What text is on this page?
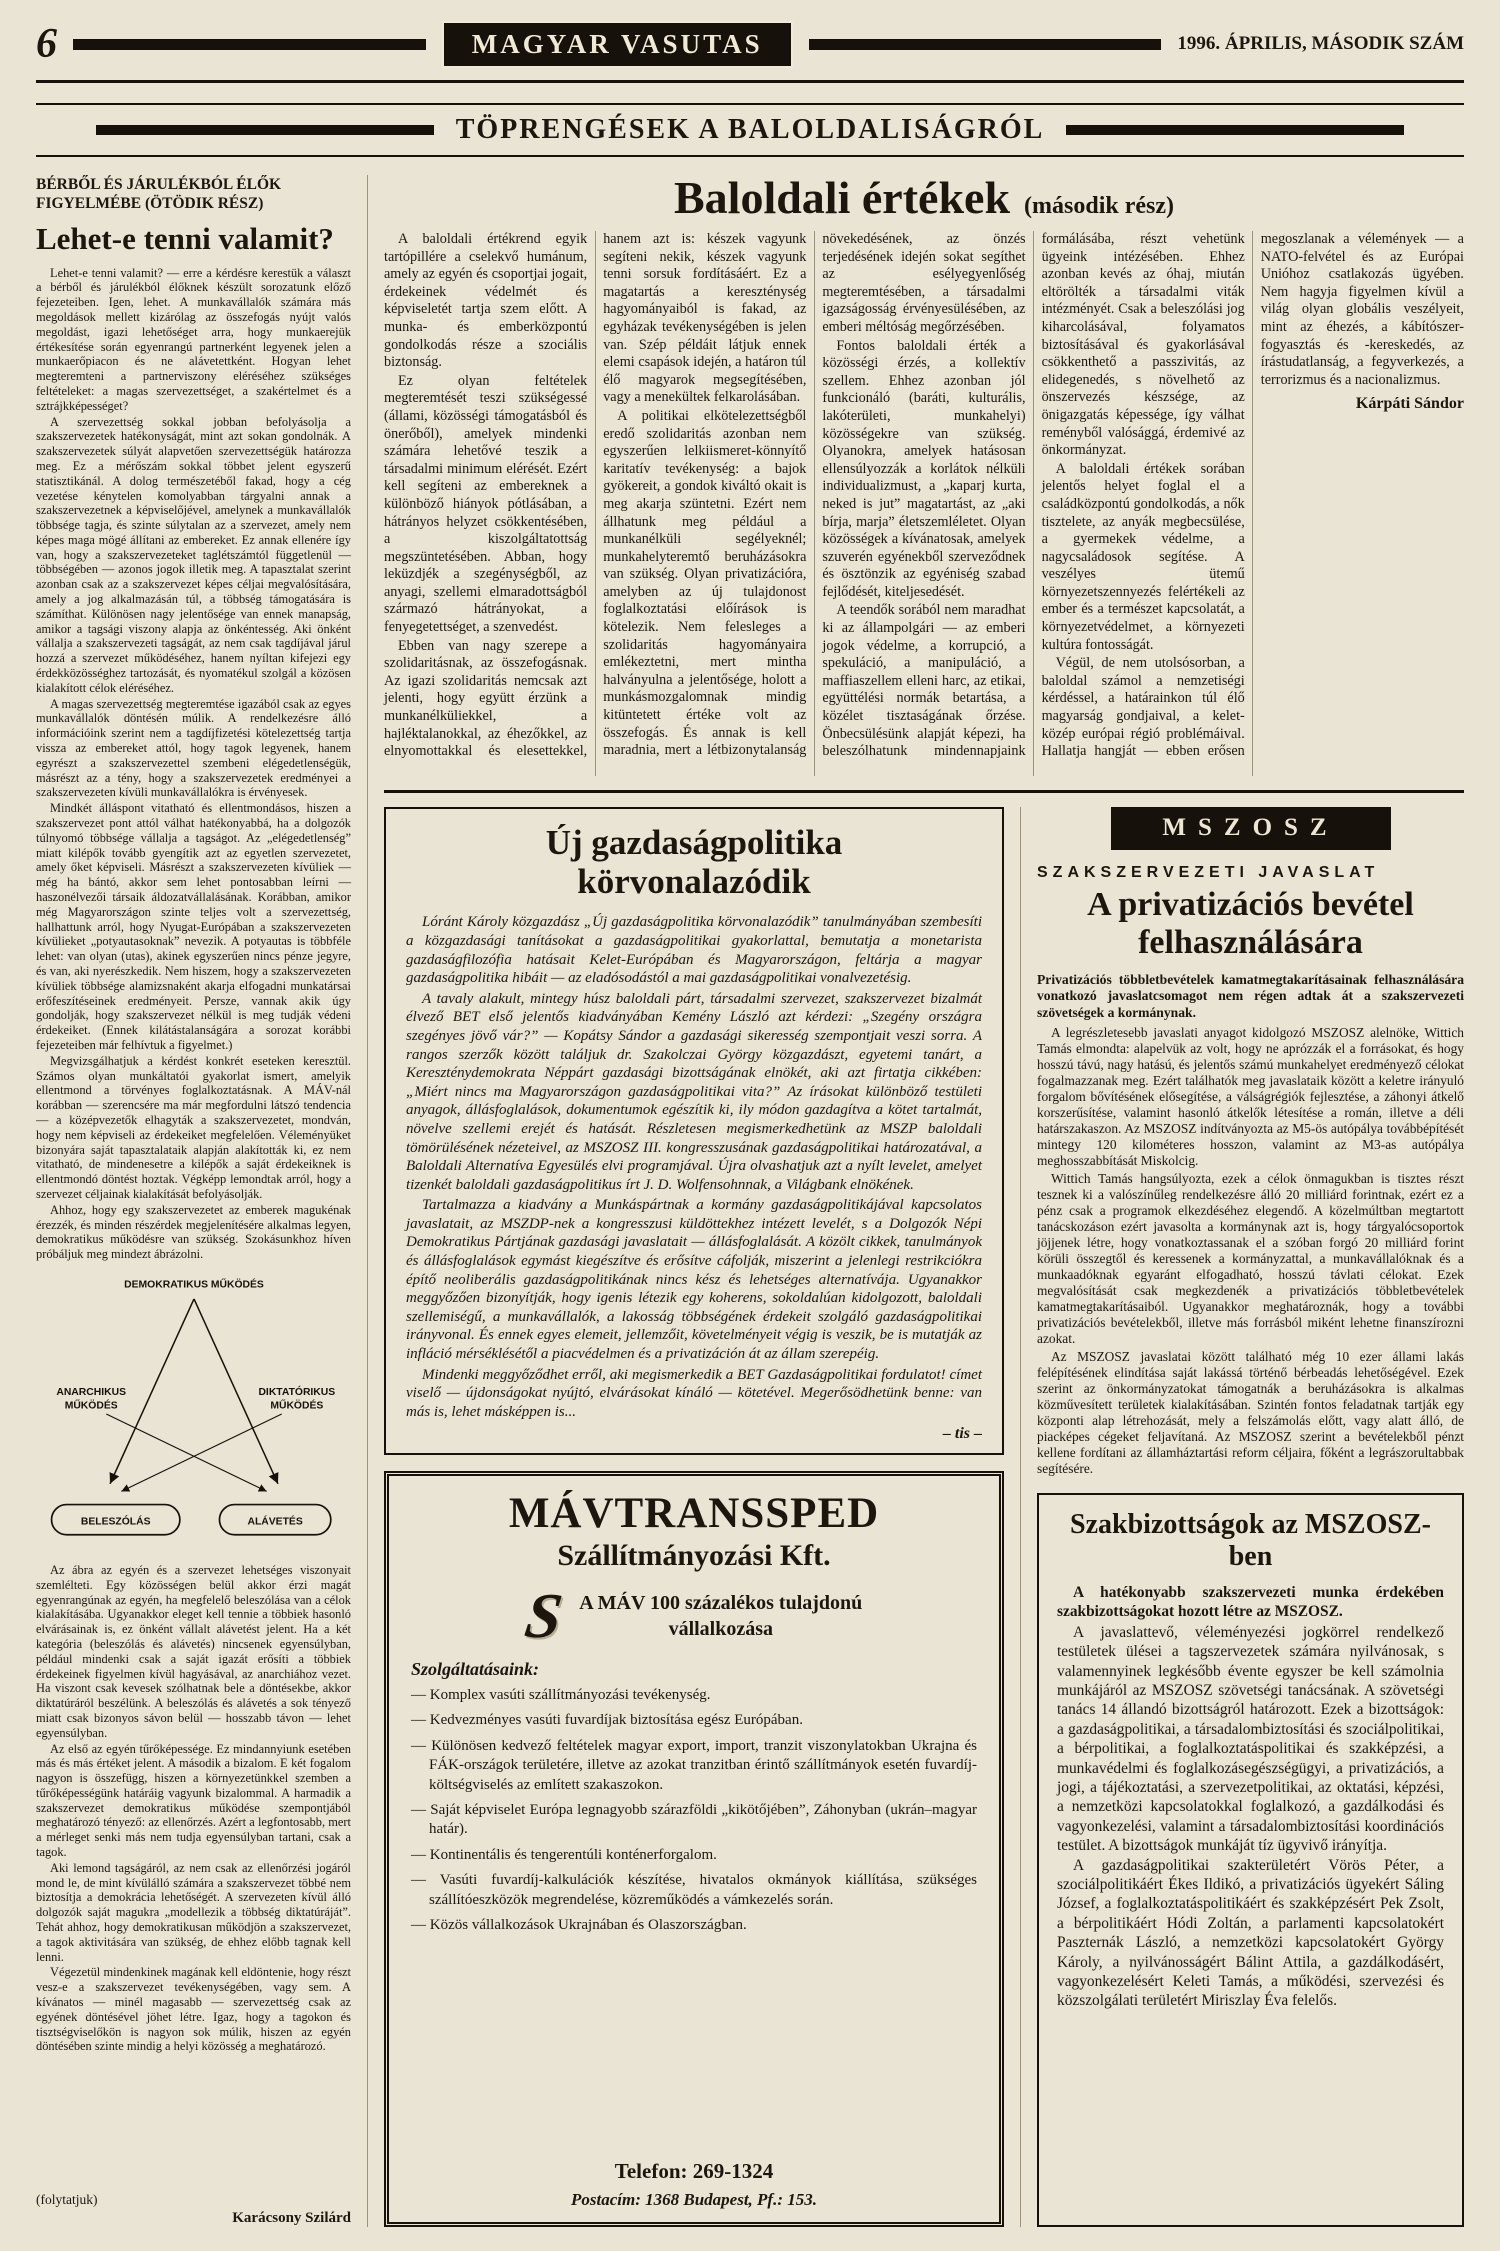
6	MAGYAR VASUTAS	1996. ÁPRILIS, MÁSODIK SZÁM
TÖPRENGÉSEK A BALOLDALISÁGRÓL
BÉRBŐL ÉS JÁRULÉKBÓL ÉLŐK
FIGYELMÉBE (ÖTÖDIK RÉSZ)
Lehet-e tenni valamit?

Lehet-e tenni valamit? — erre a kérdésre kerestük a választ a bérből és járulékból élőknek készült sorozatunk előző fejezeteiben. Igen, lehet. A munkavállalók számára más megoldások mellett kizárólag az összefogás nyújt valós megoldást, igazi lehetőséget arra, hogy munkaerejük értékesítése során egyenrangú partnerként legyenek jelen a munkaerőpiacon és ne alávetettként. Hogyan lehet megteremteni a partnerviszony eléréséhez szükséges feltételeket: a magas szervezettséget, a szakértelmet és a sztrájkképességet?

A szervezettség sokkal jobban befolyásolja a szakszervezetek hatékonyságát, mint azt sokan gondolnák. A szakszervezetek súlyát alapvetően szervezettségük határozza meg. Ez a mérőszám sokkal többet jelent egyszerű statisztikánál. A dolog természetéből fakad, hogy a cég vezetése kénytelen komolyabban tárgyalni annak a szakszervezetnek a képviselőjével, amelynek a munkavállalók többsége tagja, és szinte súlytalan az a szervezet, amely nem képes maga mögé állítani az embereket. Ez annak ellenére így van, hogy a szakszervezeteket taglétszámtól függetlenül — többségében — azonos jogok illetik meg. A tapasztalat szerint azonban csak az a szakszervezet képes céljai megvalósítására, amely a jog alkalmazásán túl, a többség támogatására is számíthat. Különösen nagy jelentősége van ennek manapság, amikor a tagsági viszony alapja az önkéntesség. Aki önként vállalja a szakszervezeti tagságát, az nem csak tagdíjával járul hozzá a szervezet működéséhez, hanem nyíltan kifejezi egy érdekközösséghez tartozását, és nyomatékul szolgál a közösen kialakított célok eléréséhez.

A magas szervezettség megteremtése igazából csak az egyes munkavállalók döntésén múlik. A rendelkezésre álló információink szerint nem a tagdíjfizetési kötelezettség tartja vissza az embereket attól, hogy tagok legyenek, hanem egyrészt a szakszervezettel szembeni elégedetlenségük, másrészt az a tény, hogy a szakszervezetek eredményei a szakszervezeten kívüli munkavállalókra is érvényesek.

Mindkét álláspont vitatható és ellentmondásos, hiszen a szakszervezet pont attól válhat hatékonyabbá, ha a dolgozók túlnyomó többsége vállalja a tagságot. Az „elégedetlenség” miatt kilépők tovább gyengítik azt az egyetlen szervezetet, amely őket képviseli. Másrészt a szakszervezeten kívüliek — még ha bántó, akkor sem lehet pontosabban leírni — haszonélvezői társaik áldozatvállalásának. Korábban, amikor még Magyarországon szinte teljes volt a szervezettség, hallhattunk arról, hogy Nyugat-Európában a szakszervezeten kívülieket „potyautasoknak” nevezik. A potyautas is többféle lehet: van olyan (utas), akinek egyszerűen nincs pénze jegyre, és van, aki nyerészkedik. Nem hiszem, hogy a szakszervezeten kívüliek többsége alamizsnaként akarja elfogadni munkatársai erőfeszítéseinek eredményeit. Persze, vannak akik úgy gondolják, hogy szakszervezet nélkül is meg tudják védeni érdekeiket. (Ennek kilátástalanságára a sorozat korábbi fejezeteiben már felhívtuk a figyelmet.)

Megvizsgálhatjuk a kérdést konkrét eseteken keresztül. Számos olyan munkáltatói gyakorlat ismert, amelyik ellentmond a törvényes foglalkoztatásnak. A MÁV-nál korábban — szerencsére ma már megfordulni látszó tendencia — a középvezetők elhagyták a szakszervezetet, mondván, hogy nem képviseli az érdekeiket megfelelően. Véleményüket bizonyára saját tapasztalataik alapján alakították ki, ez nem vitatható, de mindenesetre a kilépők a saját érdekeiknek is ellentmondó döntést hoztak. Végképp lemondtak arról, hogy a szervezet céljainak kialakítását befolyásolják.

Ahhoz, hogy egy szakszervezetet az emberek magukénak érezzék, és minden részérdek megjelenítésére alkalmas legyen, demokratikus működésre van szükség. Szokásunkhoz híven próbáljuk meg mindezt ábrázolni.

DEMOKRATIKUS MŰKÖDÉS
ANARCHIKUS
MŰKÖDÉS
DIKTATÓRIKUS
MŰKÖDÉS
BELESZÓLÁS	ALÁVETÉS

Az ábra az egyén és a szervezet lehetséges viszonyait szemlélteti. Egy közösségen belül akkor érzi magát egyenrangúnak az egyén, ha megfelelő beleszólása van a célok kialakításába. Ugyanakkor eleget kell tennie a többiek hasonló elvárásainak is, ez önként vállalt alávetést jelent. Ha a két kategória (beleszólás és alávetés) nincsenek egyensúlyban, például mindenki csak a saját igazát erősíti a többiek érdekeinek figyelmen kívül hagyásával, az anarchiához vezet. Ha viszont csak kevesek szólhatnak bele a döntésekbe, akkor diktatúráról beszélünk. A beleszólás és alávetés a sok tényező miatt csak bizonyos sávon belül — hosszabb távon — lehet egyensúlyban.

Az első az egyén tűrőképessége. Ez mindannyiunk esetében más és más értéket jelent. A második a bizalom. E két fogalom nagyon is összefügg, hiszen a környezetünkkel szemben a tűrőképességünk határáig vagyunk bizalommal. A harmadik a szakszervezet demokratikus működése szempontjából meghatározó tényező: az ellenőrzés. Azért a legfontosabb, mert a mérleget senki más nem tudja egyensúlyban tartani, csak a tagok.

Aki lemond tagságáról, az nem csak az ellenőrzési jogáról mond le, de mint kívülálló számára a szakszervezet többé nem biztosítja a demokrácia lehetőségét. A szervezeten kívül álló dolgozók saját magukra „modellezik a többség diktatúráját”. Tehát ahhoz, hogy demokratikusan működjön a szakszervezet, a tagok aktivitására van szükség, de ehhez előbb tagnak kell lenni.

Végezetül mindenkinek magának kell eldöntenie, hogy részt vesz-e a szakszervezet tevékenységében, vagy sem. A kívánatos — minél magasabb — szervezettség csak az egyének döntésével jöhet létre. Igaz, hogy a tagokon és tisztségviselőkön is nagyon sok múlik, hiszen az egyén döntésében szinte mindig a helyi közösség a meghatározó.

(folytatjuk)
Karácsony Szilárd
Baloldali értékek (második rész)

A baloldali értékrend egyik tartópillére a cselekvő humánum, amely az egyén és csoportjai jogait, érdekeinek védelmét és képviseletét tartja szem előtt. A munka- és emberközpontú gondolkodás része a szociális biztonság.

Ez olyan feltételek megteremtését teszi szükségessé (állami, közösségi támogatásból és önerőből), amelyek mindenki számára lehetővé teszik a társadalmi minimum elérését. Ezért kell segíteni az embereknek a különböző hiányok pótlásában, a hátrányos helyzet csökkentésében, a kiszolgáltatottság megszüntetésében. Abban, hogy leküzdjék a szegénységből, az anyagi, szellemi elmaradottságból származó hátrányokat, a fenyegetettséget, a szenvedést.

Ebben van nagy szerepe a szolidaritásnak, az összefogásnak. Az igazi szolidaritás nemcsak azt jelenti, hogy együtt érzünk a munkanélküliekkel, a hajléktalanokkal, az éhezőkkel, az elnyomottakkal és elesettekkel, hanem azt is: készek vagyunk segíteni nekik, készek vagyunk tenni sorsuk fordításáért. Ez a magatartás a kereszténység hagyományaiból is fakad, az egyházak tevékenységében is jelen van. Szép példáit látjuk ennek elemi csapások idején, a határon túl élő magyarok megsegítésében, vagy a menekültek felkarolásában.

A politikai elkötelezettségből eredő szolidaritás azonban nem egyszerűen lelkiismeret-könnyítő karitatív tevékenység: a bajok gyökereit, a gondok kiváltó okait is meg akarja szüntetni. Ezért nem állhatunk meg például a munkanélküli segélyeknél; munkahelyteremtő beruházásokra van szükség. Olyan privatizációra, amelyben az új tulajdonost foglalkoztatási előírások is kötelezik. Nem felesleges a szolidaritás hagyományaira emlékeztetni, mert mintha halványulna a jelentősége, holott a munkásmozgalomnak mindig kitüntetett értéke volt az összefogás. És annak is kell maradnia, mert a létbizonytalanság növekedésének, az önzés terjedésének idején sokat segíthet az esélyegyenlőség megteremtésében, a társadalmi igazságosság érvényesülésében, az emberi méltóság megőrzésében.

Fontos baloldali érték a közösségi érzés, a kollektív szellem. Ehhez azonban jól funkcionáló (baráti, kulturális, lakóterületi, munkahelyi) közösségekre van szükség. Olyanokra, amelyek hatásosan ellensúlyozzák a korlátok nélküli individualizmust, a „kaparj kurta, neked is jut” magatartást, az „aki bírja, marja” életszemléletet. Olyan közösségek a kívánatosak, amelyek szuverén egyénekből szerveződnek és ösztönzik az egyéniség szabad fejlődését, kiteljesedését.

A teendők sorából nem maradhat ki az állampolgári — az emberi jogok védelme, a korrupció, a spekuláció, a manipuláció, a maffiaszellem elleni harc, az etikai, együttélési normák betartása, a közélet tisztaságának őrzése. Önbecsülésünk alapját képezi, ha beleszólhatunk mindennapjaink formálásába, részt vehetünk ügyeink intézésében. Ehhez azonban kevés az óhaj, miután eltörölték a társadalmi viták intézményét. Csak a beleszólási jog kiharcolásával, folyamatos biztosításával és gyakorlásával csökkenthető a passzivitás, az elidegenedés, s növelhető az önszervezés készsége, az önigazgatás képessége, így válhat reményből valósággá, érdemivé az önkormányzat.

A baloldali értékek sorában jelentős helyet foglal el a családközpontú gondolkodás, a nők tisztelete, az anyák megbecsülése, a gyermekek védelme, a nagycsaládosok segítése. A veszélyes ütemű környezetszennyezés felértékeli az ember és a természet kapcsolatát, a környezetvédelmet, a környezeti kultúra fontosságát.

Végül, de nem utolsósorban, a baloldal számol a nemzetiségi kérdéssel, a határainkon túl élő magyarság gondjaival, a kelet-közép európai régió problémáival. Hallatja hangját — ebben erősen megoszlanak a vélemények — a NATO-felvétel és az Európai Unióhoz csatlakozás ügyében. Nem hagyja figyelmen kívül a világ olyan globális veszélyeit, mint az éhezés, a kábítószer-fogyasztás és -kereskedés, az írástudatlanság, a fegyverkezés, a terrorizmus és a nacionalizmus.

Kárpáti Sándor
Új gazdaságpolitika
körvonalazódik

Lóránt Károly közgazdász „Új gazdaságpolitika körvonalazódik” tanulmányában szembesíti a közgazdasági tanításokat a gazdaságpolitikai gyakorlattal, bemutatja a monetarista gazdaságfilozófia hatásait Kelet-Európában és Magyarországon, feltárja a magyar gazdaságpolitika hibáit — az eladósodástól a mai gazdaságpolitikai vonalvezetésig.

A tavaly alakult, mintegy húsz baloldali párt, társadalmi szervezet, szakszervezet bizalmát élvező BET első jelentős kiadványában Kemény László azt kérdezi: „Szegény országra szegényes jövő vár?” — Kopátsy Sándor a gazdasági sikeresség szempontjait veszi sorra. A rangos szerzők között találjuk dr. Szakolczai György közgazdászt, egyetemi tanárt, a Kereszténydemokrata Néppárt gazdasági bizottságának elnökét, aki azt firtatja cikkében: „Miért nincs ma Magyarországon gazdaságpolitikai vita?” Az írásokat különböző testületi anyagok, állásfoglalások, dokumentumok egészítik ki, ily módon gazdagítva a kötet tartalmát, növelve szellemi erejét és hatását. Részletesen megismerkedhetünk az MSZP baloldali tömörülésének nézeteivel, az MSZOSZ III. kongresszusának gazdaságpolitikai határozatával, a Baloldali Alternatíva Egyesülés elvi programjával. Újra olvashatjuk azt a nyílt levelet, amelyet tizenkét baloldali gazdaságpolitikus írt J. D. Wolfensohnnak, a Világbank elnökének.

Tartalmazza a kiadvány a Munkáspártnak a kormány gazdaságpolitikájával kapcsolatos javaslatait, az MSZDP-nek a kongresszusi küldöttekhez intézett levelét, s a Dolgozók Népi Demokratikus Pártjának gazdasági javaslatait — állásfoglalását. A közölt cikkek, tanulmányok és állásfoglalások egymást kiegészítve és erősítve cáfolják, miszerint a jelenlegi restrikciókra építő neoliberális gazdaságpolitikának nincs kész és lehetséges alternatívája. Ugyanakkor meggyőzően bizonyítják, hogy igenis létezik egy koherens, sokoldalúan kidolgozott, baloldali szellemiségű, a munkavállalók, a lakosság többségének érdekeit szolgáló gazdaságpolitikai irányvonal. És ennek egyes elemeit, jellemzőit, követelményeit végig is veszik, be is mutatják az infláció mérséklésétől a piacvédelmen és a privatizáción át az állam szerepéig.

Mindenki meggyőződhet erről, aki megismerkedik a BET Gazdaságpolitikai fordulatot! címet viselő — újdonságokat nyújtó, elvárásokat kínáló — kötetével. Megerősödhetünk benne: van más is, lehet másképpen is...

– tis –
MÁVTRANSSPED
Szállítmányozási Kft.
S A MÁV 100 százalékos tulajdonú
vállalkozása
Szolgáltatásaink:

— Komplex vasúti szállítmányozási tevékenység.

— Kedvezményes vasúti fuvardíjak biztosítása egész Európában.

— Különösen kedvező feltételek magyar export, import, tranzit viszonylatokban Ukrajna és FÁK-országok területére, illetve az azokat tranzitban érintő szállítmányok esetén fuvardíj-költségviselés az említett szakaszokon.

— Saját képviselet Európa legnagyobb szárazföldi „kikötőjében”, Záhonyban (ukrán–magyar határ).

— Kontinentális és tengerentúli konténerforgalom.

— Vasúti fuvardíj-kalkulációk készítése, hivatalos okmányok kiállítása, szükséges szállítóeszközök megrendelése, közreműködés a vámkezelés során.

— Közös vállalkozások Ukrajnában és Olaszországban.

Telefon: 269-1324
Postacím: 1368 Budapest, Pf.: 153.
MSZOSZ
SZAKSZERVEZETI JAVASLAT
A privatizációs bevétel
felhasználására

Privatizációs többletbevételek kamatmegtakarításainak felhasználására vonatkozó javaslatcsomagot nem régen adtak át a szakszervezeti szövetségek a kormánynak.

A legrészletesebb javaslati anyagot kidolgozó MSZOSZ alelnöke, Wittich Tamás elmondta: alapelvük az volt, hogy ne aprózzák el a forrásokat, és hogy hosszú távú, nagy hatású, és jelentős számú munkahelyet eredményező célokat fogalmazzanak meg. Ezért találhatók meg javaslataik között a keletre irányuló forgalom bővítésének elősegítése, a válságrégiók fejlesztése, a záhonyi átkelő korszerűsítése, valamint hasonló átkelők létesítése a román, illetve a déli határszakaszon. Az MSZOSZ indítványozta az M5-ös autópálya továbbépítését mintegy 120 kilométeres hosszon, valamint az M3-as autópálya meghosszabbítását Miskolcig.

Wittich Tamás hangsúlyozta, ezek a célok önmagukban is tisztes részt tesznek ki a valószínűleg rendelkezésre álló 20 milliárd forintnak, ezért ez a pénz csak a programok elkezdéséhez elegendő. A közelmúltban megtartott tanácskozáson ezért javasolta a kormánynak azt is, hogy tárgyalócsoportok jöjjenek létre, hogy vonatkoztassanak el a szóban forgó 20 milliárd forint körüli összegtől és keressenek a kormányzattal, a munkavállalóknak és a munkaadóknak egyaránt elfogadható, hosszú távlati célokat. Ezek megvalósítását csak megkezdenék a privatizációs többletbevételek kamatmegtakarításaiból. Ugyanakkor meghatároznák, hogy a további privatizációs bevételekből, illetve más forrásból miként lehetne finanszírozni azokat.

Az MSZOSZ javaslatai között található még 10 ezer állami lakás felépítésének elindítása saját lakássá történő bérbeadás lehetőségével. Ezek szerint az önkormányzatokat támogatnák a beruházásokra is alkalmas közművesített területek kialakításában. Szintén fontos feladatnak tartják egy központi alap létrehozását, mely a felszámolás előtt, vagy alatt álló, de piacképes cégeket feljavítaná. Az MSZOSZ szerint a bevételekből pénzt kellene fordítani az államháztartási reform céljaira, főként a legrászorultabbak segítésére.

Szakbizottságok az MSZOSZ-ben

A hatékonyabb szakszervezeti munka érdekében szakbizottságokat hozott létre az MSZOSZ.

A javaslattevő, véleményezési jogkörrel rendelkező testületek ülései a tagszervezetek számára nyilvánosak, s valamennyinek legkésőbb évente egyszer be kell számolnia munkájáról az MSZOSZ szövetségi tanácsának. A szövetségi tanács 14 állandó bizottságról határozott. Ezek a bizottságok: a gazdaságpolitikai, a társadalombiztosítási és szociálpolitikai, a bérpolitikai, a foglalkoztatáspolitikai és szakképzési, a munkavédelmi és foglalkozásegészségügyi, a privatizációs, a jogi, a tájékoztatási, a szervezetpolitikai, az oktatási, képzési, a nemzetközi kapcsolatokkal foglalkozó, a gazdálkodási és vagyonkezelési, valamint a társadalombiztosítási koordinációs testület. A bizottságok munkáját tíz ügyvivő irányítja.

A gazdaságpolitikai szakterületért Vörös Péter, a szociálpolitikáért Ékes Ildikó, a privatizációs ügyekért Sáling József, a foglalkoztatáspolitikáért és szakképzésért Pek Zsolt, a bérpolitikáért Hódi Zoltán, a parlamenti kapcsolatokért Paszternák László, a nemzetközi kapcsolatokért György Károly, a nyilvánosságért Bálint Attila, a gazdálkodásért, vagyonkezelésért Keleti Tamás, a működési, szervezési és közszolgálati területért Miriszlay Éva felelős.
